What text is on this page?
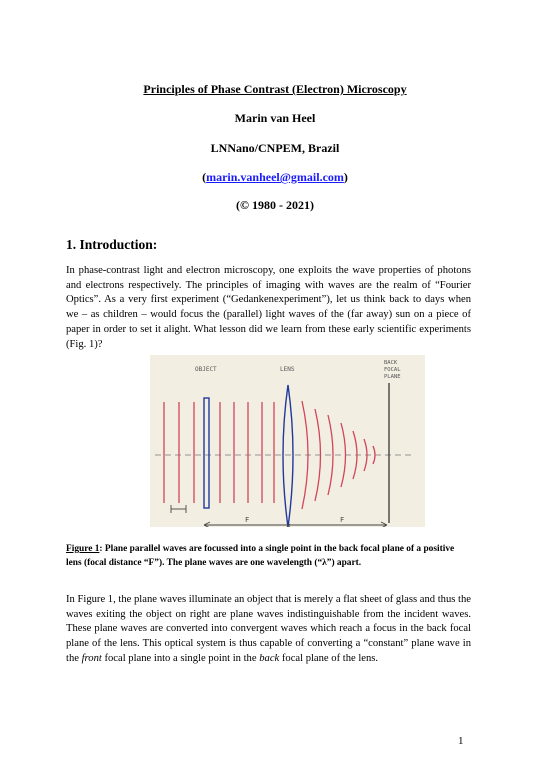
Principles of Phase Contrast (Electron) Microscopy
Marin van Heel
LNNano/CNPEM, Brazil
(marin.vanheel@gmail.com)
(© 1980 - 2021)
1. Introduction:

In phase-contrast light and electron microscopy, one exploits the wave properties of photons and electrons respectively. The principles of imaging with waves are the realm of “Fourier Optics”. As a very first experiment (“Gedankenexperiment”), let us think back to days when we – as children – would focus the (parallel) light waves of the (far away) sun on a piece of paper in order to set it alight. What lesson did we learn from these early scientific experiments (Fig. 1)?

OBJECT	LENS
BACK
FOCAL
PLANE
F
×
F

Figure 1: Plane parallel waves are focussed into a single point in the back focal plane of a positive lens (focal distance “F”). The plane waves are one wavelength (“λ”) apart.

In Figure 1, the plane waves illuminate an object that is merely a flat sheet of glass and thus the waves exiting the object on right are plane waves indistinguishable from the incident waves. These plane waves are converted into convergent waves which reach a focus in the back focal plane of the lens. This optical system is thus capable of converting a “constant” plane wave in the front focal plane into a single point in the back focal plane of the lens.

1
